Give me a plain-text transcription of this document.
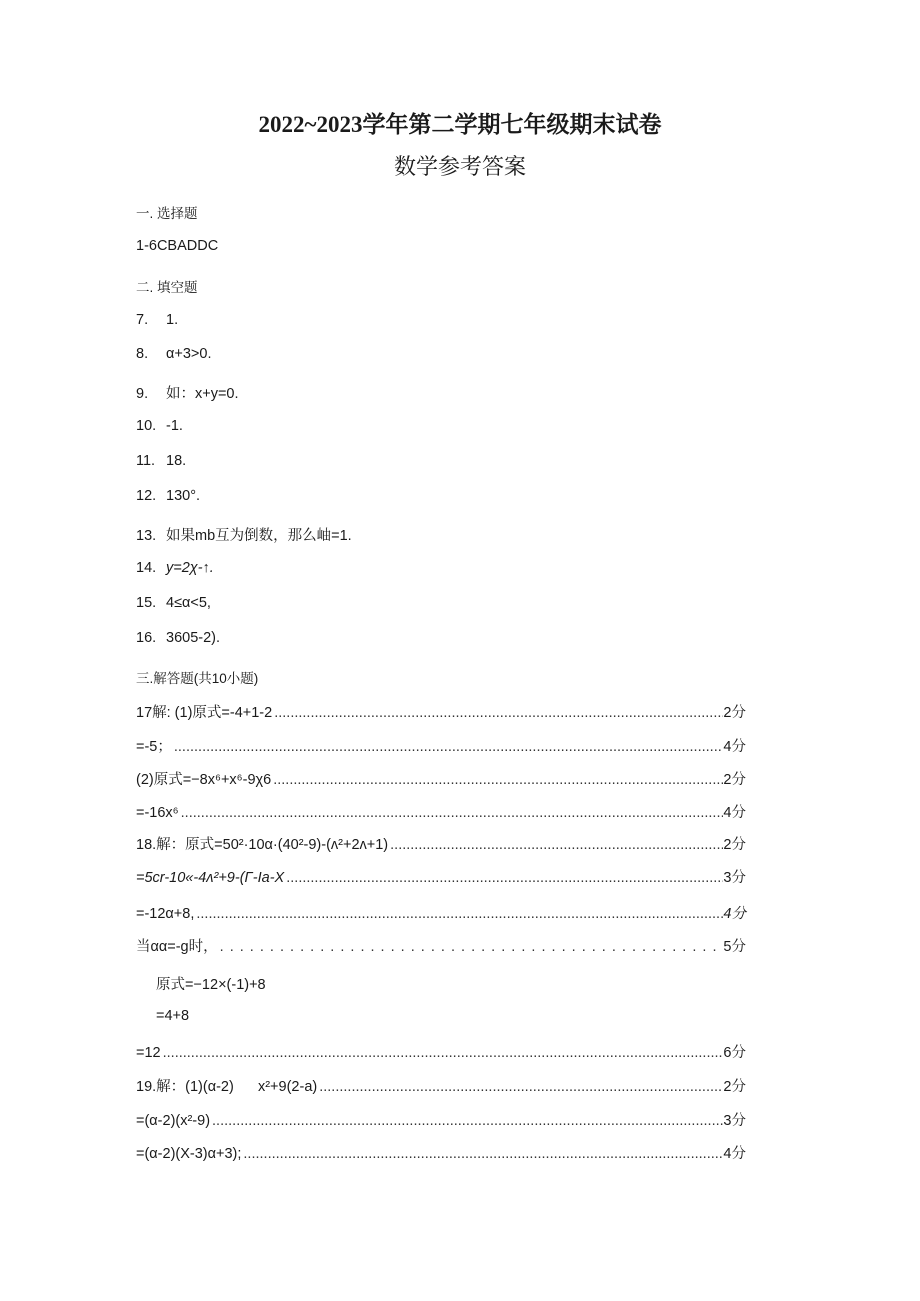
2022~2023学年第二学期七年级期末试卷
数学参考答案
一. 选择题
1-6CBADDC
二. 填空题
7. 1.
8. α+3>0.
9. 如：x+y=0.
10. -1.
11. 18.
12. 130°.
13. 如果mb互为倒数，那么岫=1.
14. y=2χ-↑.
15. 4≤α<5,
16. 3605-2).
三.解答题(共10小题)
17解: (1)原式=-4+1-2 .....	2分
=-5； .....	4分
(2)原式=−8x⁶+x⁶-9χ6 .....	2分
=-16x⁶ .....	4分
18.解：原式=50²·10α·(40²-9)-(ʌ²+2ʌ+1) .....	2分
=5cr-10«-4ʌ²+9-(Γ-Ia-X .....	3分
=-12α+8, .....	4分
当αα=-g时， . . .	5分
原式=−12×(-1)+8
=4+8
=12 .....	6分
19.解：(1)(α-2)      x²+9(2-a) .....	2分
=(α-2)(x²-9) .....	3分
=(α-2)(X-3)α+3); .....	4分
